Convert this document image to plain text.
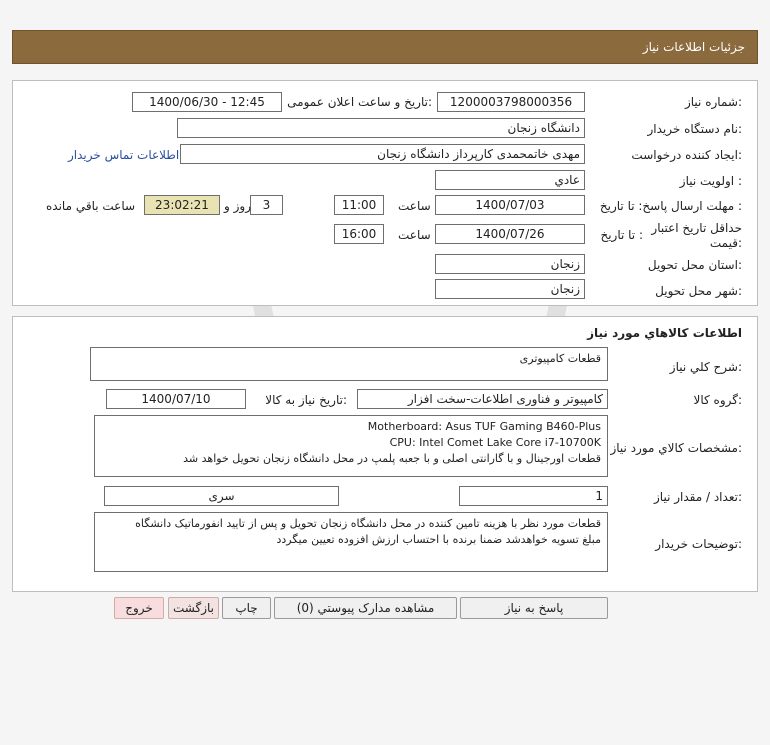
جزئيات اطلاعات نياز
شماره نياز:
1200003798000356
تاريخ و ساعت اعلان عمومی:
1400/06/30 - 12:45
نام دستگاه خريدار:
دانشگاه زنجان
ايجاد کننده درخواست:
مهدی خاتمحمدی کارپرداز دانشگاه زنجان
اطلاعات تماس خريدار
اولويت نياز :
عادي
مهلت ارسال پاسخ: تا تاريخ :
1400/07/03
ساعت
11:00
3
روز و
23:02:21
ساعت باقي مانده
حداقل تاريخ اعتبار
قيمت:
تا تاريخ :
1400/07/26
ساعت
16:00
استان محل تحويل:
زنجان
شهر محل تحويل:
زنجان
اطلاعات کالاهاي مورد نياز
شرح کلي نياز:
قطعات کامپیوتری
گروه کالا:
کامپیوتر و فناوری اطلاعات-سخت افزار
تاريخ نياز به کالا:
1400/07/10
مشخصات کالاي مورد نياز:
Motherboard: Asus TUF Gaming B460-Plus
CPU: Intel Comet Lake Core i7-10700K
قطعات اورجینال و با گارانتی اصلی و با جعبه پلمپ در محل دانشگاه زنجان تحویل خواهد شد
تعداد / مقدار نياز:
1
سری
توضيحات خريدار:
قطعات مورد نظر با هزینه تامین کننده در محل دانشگاه زنجان تحویل و پس از تایید انفورماتیک دانشگاه
مبلغ تسویه خواهدشد ضمنا برنده با احتساب ارزش افزوده تعیین میگردد
پاسخ به نياز
مشاهده مدارک پيوستي (0)
چاپ
بازگشت
خروج
